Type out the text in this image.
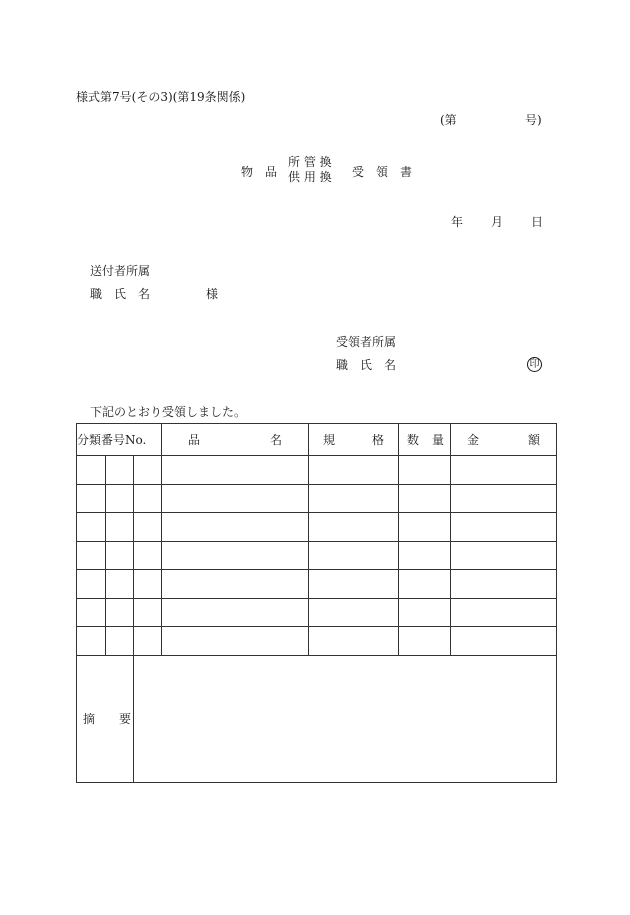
様式第7号(その3)(第19条関係)
(第	号)
物　品
所 管 換
供 用 換 受　領　書
年 月 日
送付者所属
職　氏　名	様
受領者所属
職　氏　名	印
下記のとおり受領しました。
分類番号No.			品 名	規 格	数 量	金 額

摘　　要						
